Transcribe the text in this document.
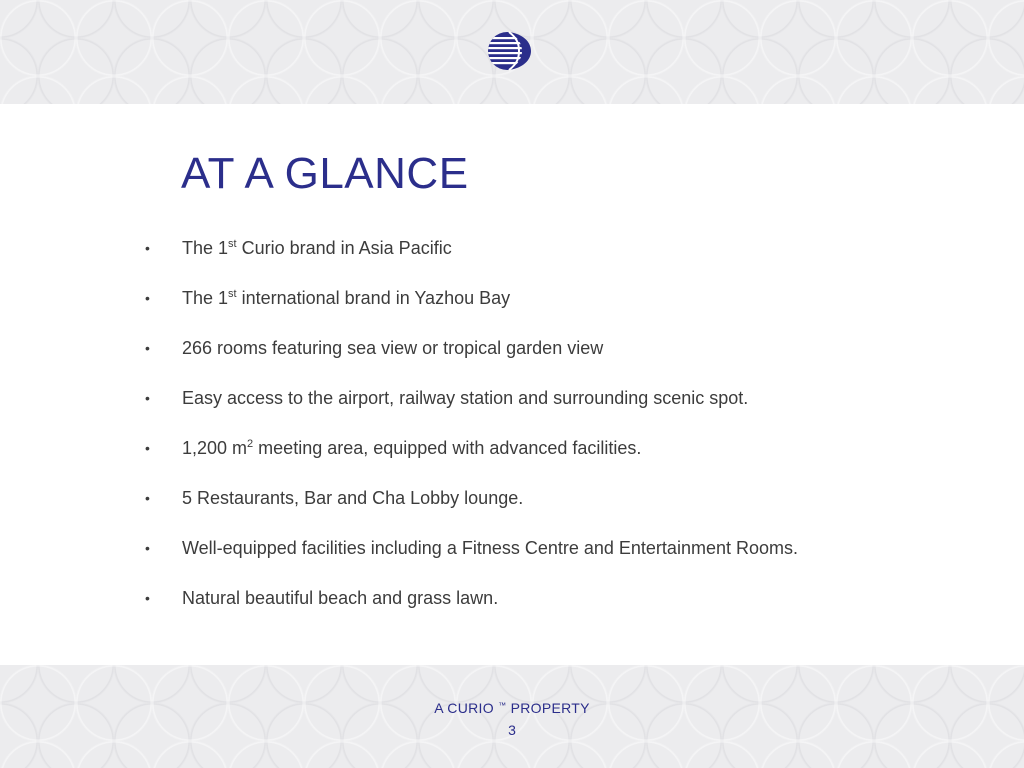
AT A GLANCE
• The 1st Curio brand in Asia Pacific
• The 1st international brand in Yazhou Bay
• 266 rooms featuring sea view or tropical garden view
• Easy access to the airport, railway station and surrounding scenic spot.
• 1,200 $m^2$ meeting area, equipped with advanced facilities.
• 5 Restaurants, Bar and Cha Lobby lounge.
• Well-equipped facilities including a Fitness Centre and Entertainment Rooms.
• Natural beautiful beach and grass lawn.
A CURIO ™ PROPERTY
3
